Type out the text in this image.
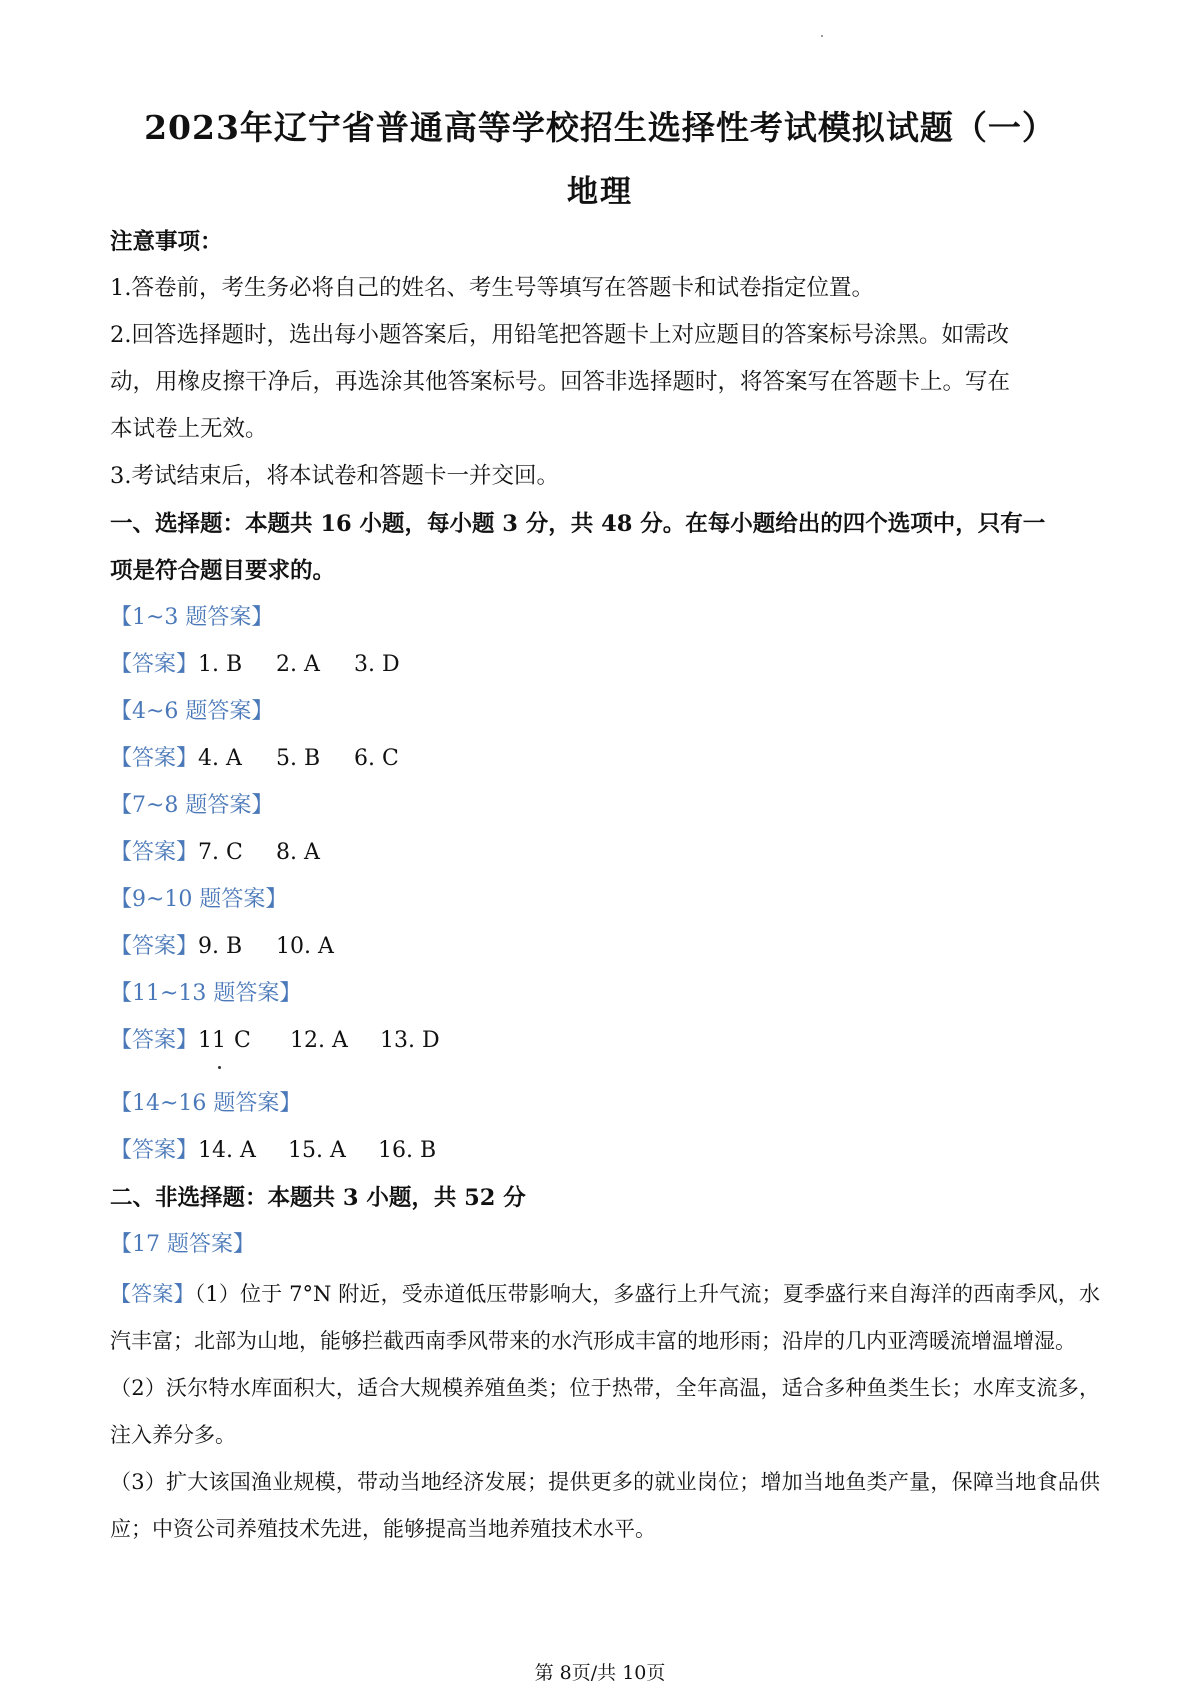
2023年辽宁省普通高等学校招生选择性考试模拟试题（一）
地理
注意事项：
1.答卷前，考生务必将自己的姓名、考生号等填写在答题卡和试卷指定位置。
2.回答选择题时，选出每小题答案后，用铅笔把答题卡上对应题目的答案标号涂黑。如需改
动，用橡皮擦干净后，再选涂其他答案标号。回答非选择题时，将答案写在答题卡上。写在
本试卷上无效。
3.考试结束后，将本试卷和答题卡一并交回。
一、选择题：本题共 16 小题，每小题 3 分，共 48 分。在每小题给出的四个选项中，只有一
项是符合题目要求的。
【1~3 题答案】
【答案】1. B 2. A 3. D
【4~6 题答案】
【答案】4. A 5. B 6. C
【7~8 题答案】
【答案】7. C 8. A
【9~10 题答案】
【答案】9. B 10. A
【11~13 题答案】
【答案】11 C 12. A 13. D
【14~16 题答案】
【答案】14. A 15. A 16. B
二、非选择题：本题共 3 小题，共 52 分
【17 题答案】
【答案】（1）位于 7°N 附近，受赤道低压带影响大，多盛行上升气流；夏季盛行来自海洋的西南季风，水汽丰富；北部为山地，能够拦截西南季风带来的水汽形成丰富的地形雨；沿岸的几内亚湾暖流增温增湿。
（2）沃尔特水库面积大，适合大规模养殖鱼类；位于热带，全年高温，适合多种鱼类生长；水库支流多，注入养分多。
（3）扩大该国渔业规模，带动当地经济发展；提供更多的就业岗位；增加当地鱼类产量，保障当地食品供应；中资公司养殖技术先进，能够提高当地养殖技术水平。
第 8页/共 10页
